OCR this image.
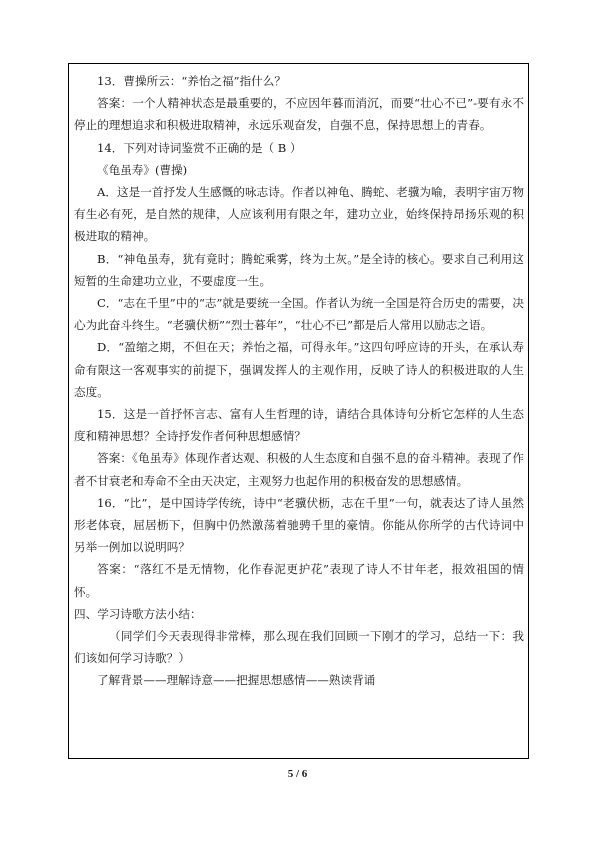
13．曹操所云：“养怡之福”指什么？

答案：一个人精神状态是最重要的，不应因年暮而消沉，而要“壮心不已”-要有永不停止的理想追求和积极进取精神，永远乐观奋发，自强不息，保持思想上的青春。

14．下列对诗词鉴赏不正确的是（ B ）

《龟虽寿》(曹操)

A．这是一首抒发人生感慨的咏志诗。作者以神龟、腾蛇、老骥为喻，表明宇宙万物有生必有死，是自然的规律，人应该利用有限之年，建功立业，始终保持昂扬乐观的积极进取的精神。

B．“神龟虽寿，犹有竟时；腾蛇乘雾，终为土灰。”是全诗的核心。要求自己利用这短暂的生命建功立业，不要虚度一生。

C．“志在千里”中的“志”就是要统一全国。作者认为统一全国是符合历史的需要，决心为此奋斗终生。“老骥伏枥”“烈士暮年”，“壮心不已”都是后人常用以励志之语。

D．“盈缩之期，不但在天；养怡之福，可得永年。”这四句呼应诗的开头，在承认寿命有限这一客观事实的前提下，强调发挥人的主观作用，反映了诗人的积极进取的人生态度。

15．这是一首抒怀言志、富有人生哲理的诗，请结合具体诗句分析它怎样的人生态度和精神思想？全诗抒发作者何种思想感情？

答案：《龟虽寿》体现作者达观、积极的人生态度和自强不息的奋斗精神。表现了作者不甘衰老和寿命不全由天决定，主观努力也起作用的积极奋发的思想感情。

16．“比”，是中国诗学传统，诗中“老骥伏枥，志在千里”一句，就表达了诗人虽然形老体衰，屈居枥下，但胸中仍然激荡着驰骋千里的豪情。你能从你所学的古代诗词中另举一例加以说明吗？

答案：“落红不是无情物，化作春泥更护花”表现了诗人不甘年老，报效祖国的情怀。

四、学习诗歌方法小结：

（同学们今天表现得非常棒，那么现在我们回顾一下刚才的学习，总结一下：我们该如何学习诗歌？）

了解背景——理解诗意——把握思想感情——熟读背诵

5 / 6
